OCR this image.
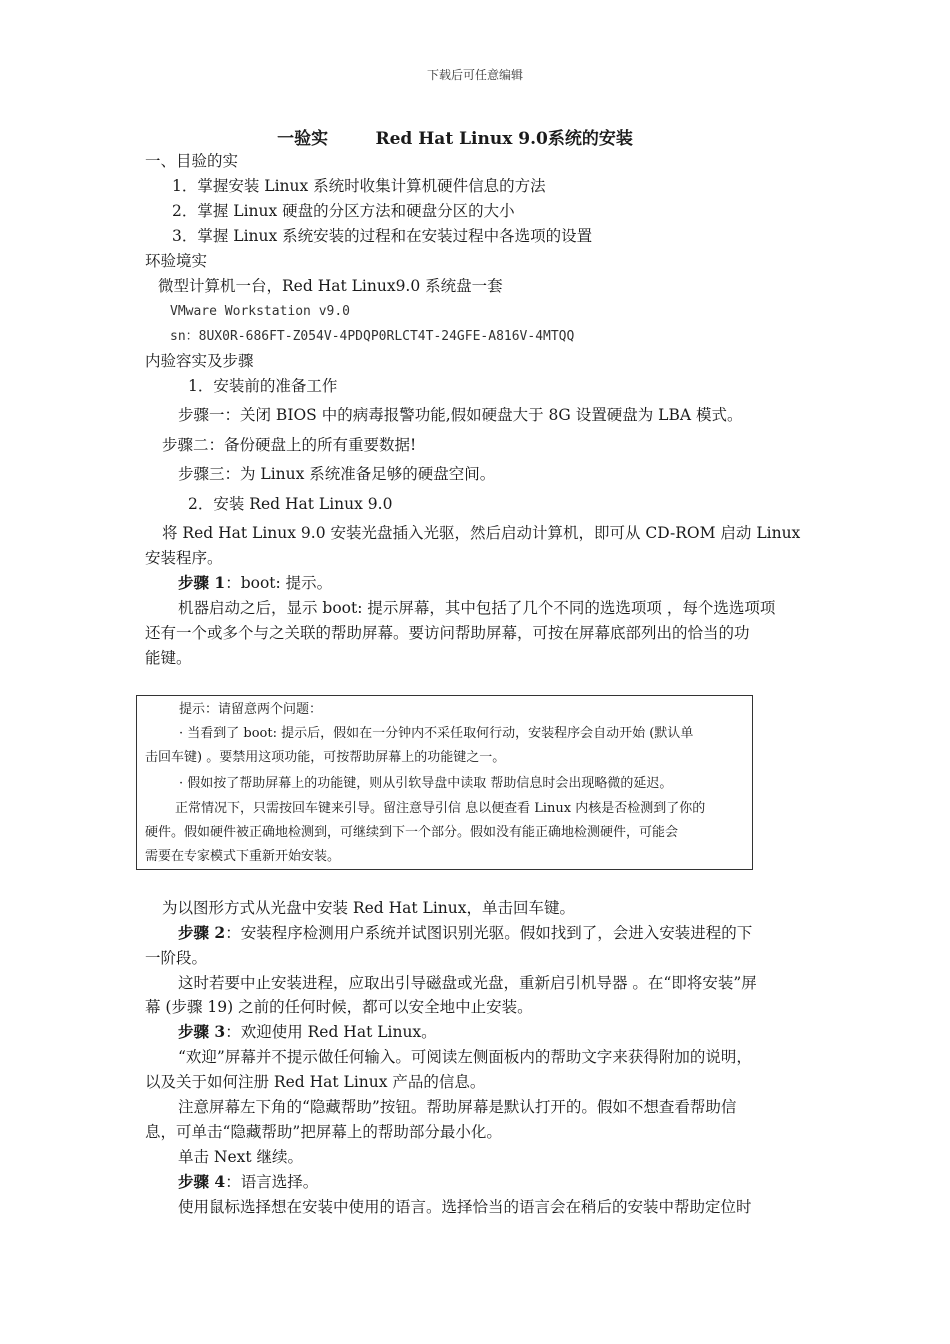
下载后可任意编辑
一验实        Red Hat Linux 9.0系统的安装
一、目验的实
1．掌握安装 Linux 系统时收集计算机硬件信息的方法
2．掌握 Linux 硬盘的分区方法和硬盘分区的大小
3．掌握 Linux 系统安装的过程和在安装过程中各选项的设置
环验境实
微型计算机一台，Red Hat Linux9.0 系统盘一套
VMware Workstation v9.0
sn：8UX0R-686FT-Z054V-4PDQP0RLCT4T-24GFE-A816V-4MTQQ
内验容实及步骤
1．安装前的准备工作
步骤一：关闭 BIOS 中的病毒报警功能,假如硬盘大于 8G 设置硬盘为 LBA 模式。
步骤二：备份硬盘上的所有重要数据!
步骤三：为 Linux 系统准备足够的硬盘空间。
2．安装 Red Hat Linux 9.0
将 Red Hat Linux 9.0 安装光盘插入光驱，然后启动计算机，即可从 CD-ROM 启动 Linux
安装程序。
步骤 1：boot: 提示。
机器启动之后，显示 boot: 提示屏幕，其中包括了几个不同的选选项项 ，每个选选项项
还有一个或多个与之关联的帮助屏幕。要访问帮助屏幕，可按在屏幕底部列出的恰当的功
能键。
提示：请留意两个问题：
· 当看到了 boot: 提示后，假如在一分钟内不采任取何行动，安装程序会自动开始 (默认单
击回车键) 。要禁用这项功能，可按帮助屏幕上的功能键之一。
· 假如按了帮助屏幕上的功能键，则从引软导盘中读取 帮助信息时会出现略微的延迟。
正常情况下，只需按回车键来引导。留注意导引信 息以便查看 Linux 内核是否检测到了你的
硬件。假如硬件被正确地检测到，可继续到下一个部分。假如没有能正确地检测硬件，可能会
需要在专家模式下重新开始安装。
为以图形方式从光盘中安装 Red Hat Linux，单击回车键。
步骤 2：安装程序检测用户系统并试图识别光驱。假如找到了，会进入安装进程的下
一阶段。
这时若要中止安装进程，应取出引导磁盘或光盘，重新启引机导器 。在“即将安装”屏
幕 (步骤 19) 之前的任何时候，都可以安全地中止安装。
步骤 3：欢迎使用 Red Hat Linux。
“欢迎”屏幕并不提示做任何输入。可阅读左侧面板内的帮助文字来获得附加的说明，
以及关于如何注册 Red Hat Linux 产品的信息。
注意屏幕左下角的“隐藏帮助”按钮。帮助屏幕是默认打开的。假如不想查看帮助信
息，可单击“隐藏帮助”把屏幕上的帮助部分最小化。
单击 Next 继续。
步骤 4：语言选择。
使用鼠标选择想在安装中使用的语言。选择恰当的语言会在稍后的安装中帮助定位时
